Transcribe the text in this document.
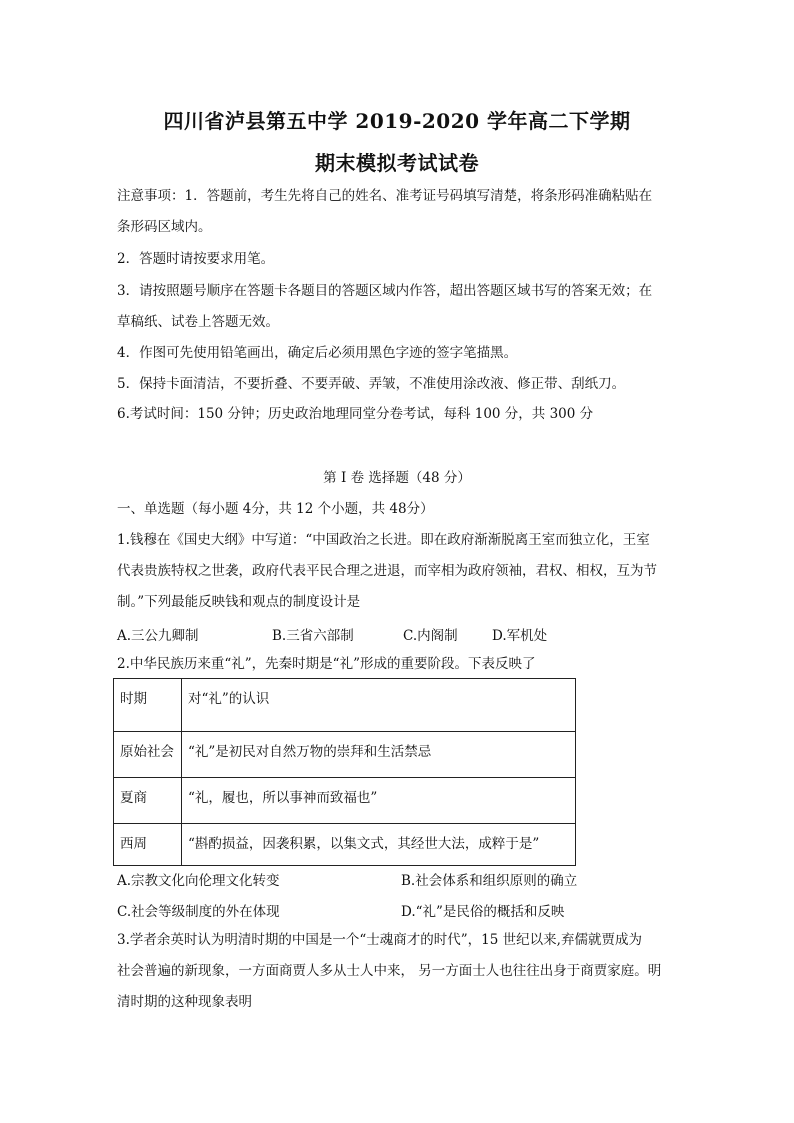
四川省泸县第五中学 2019-2020 学年高二下学期
期末模拟考试试卷
注意事项：1．答题前，考生先将自己的姓名、准考证号码填写清楚，将条形码准确粘贴在
条形码区域内。
2．答题时请按要求用笔。
3．请按照题号顺序在答题卡各题目的答题区域内作答，超出答题区域书写的答案无效；在
草稿纸、试卷上答题无效。
4．作图可先使用铅笔画出，确定后必须用黑色字迹的签字笔描黑。
5．保持卡面清洁，不要折叠、不要弄破、弄皱，不准使用涂改液、修正带、刮纸刀。
6.考试时间：150 分钟；历史政治地理同堂分卷考试，每科 100 分，共 300 分
第 I 卷 选择题（48 分）
一、单选题（每小题 4分，共 12 个小题，共 48分）
1.钱穆在《国史大纲》中写道：“中国政治之长进。即在政府渐渐脱离王室而独立化，王室
代表贵族特权之世袭，政府代表平民合理之进退，而宰相为政府领袖，君权、相权，互为节
制。”下列最能反映钱和观点的制度设计是
A.三公九卿制	B.三省六部制	C.内阁制	D.军机处
2.中华民族历来重“礼”，先秦时期是“礼”形成的重要阶段。下表反映了
时期	对“礼”的认识
原始社会	“礼”是初民对自然万物的崇拜和生活禁忌
夏商	“礼，履也，所以事神而致福也”
西周	“斟酌损益，因袭积累，以集文式，其经世大法，成粹于是”
A.宗教文化向伦理文化转变	B.社会体系和组织原则的确立
C.社会等级制度的外在体现	D.“礼”是民俗的概括和反映
3.学者余英时认为明清时期的中国是一个“士魂商才的时代”，15 世纪以来,弃儒就贾成为
社会普遍的新现象，一方面商贾人多从士人中来， 另一方面士人也往往出身于商贾家庭。明
清时期的这种现象表明
